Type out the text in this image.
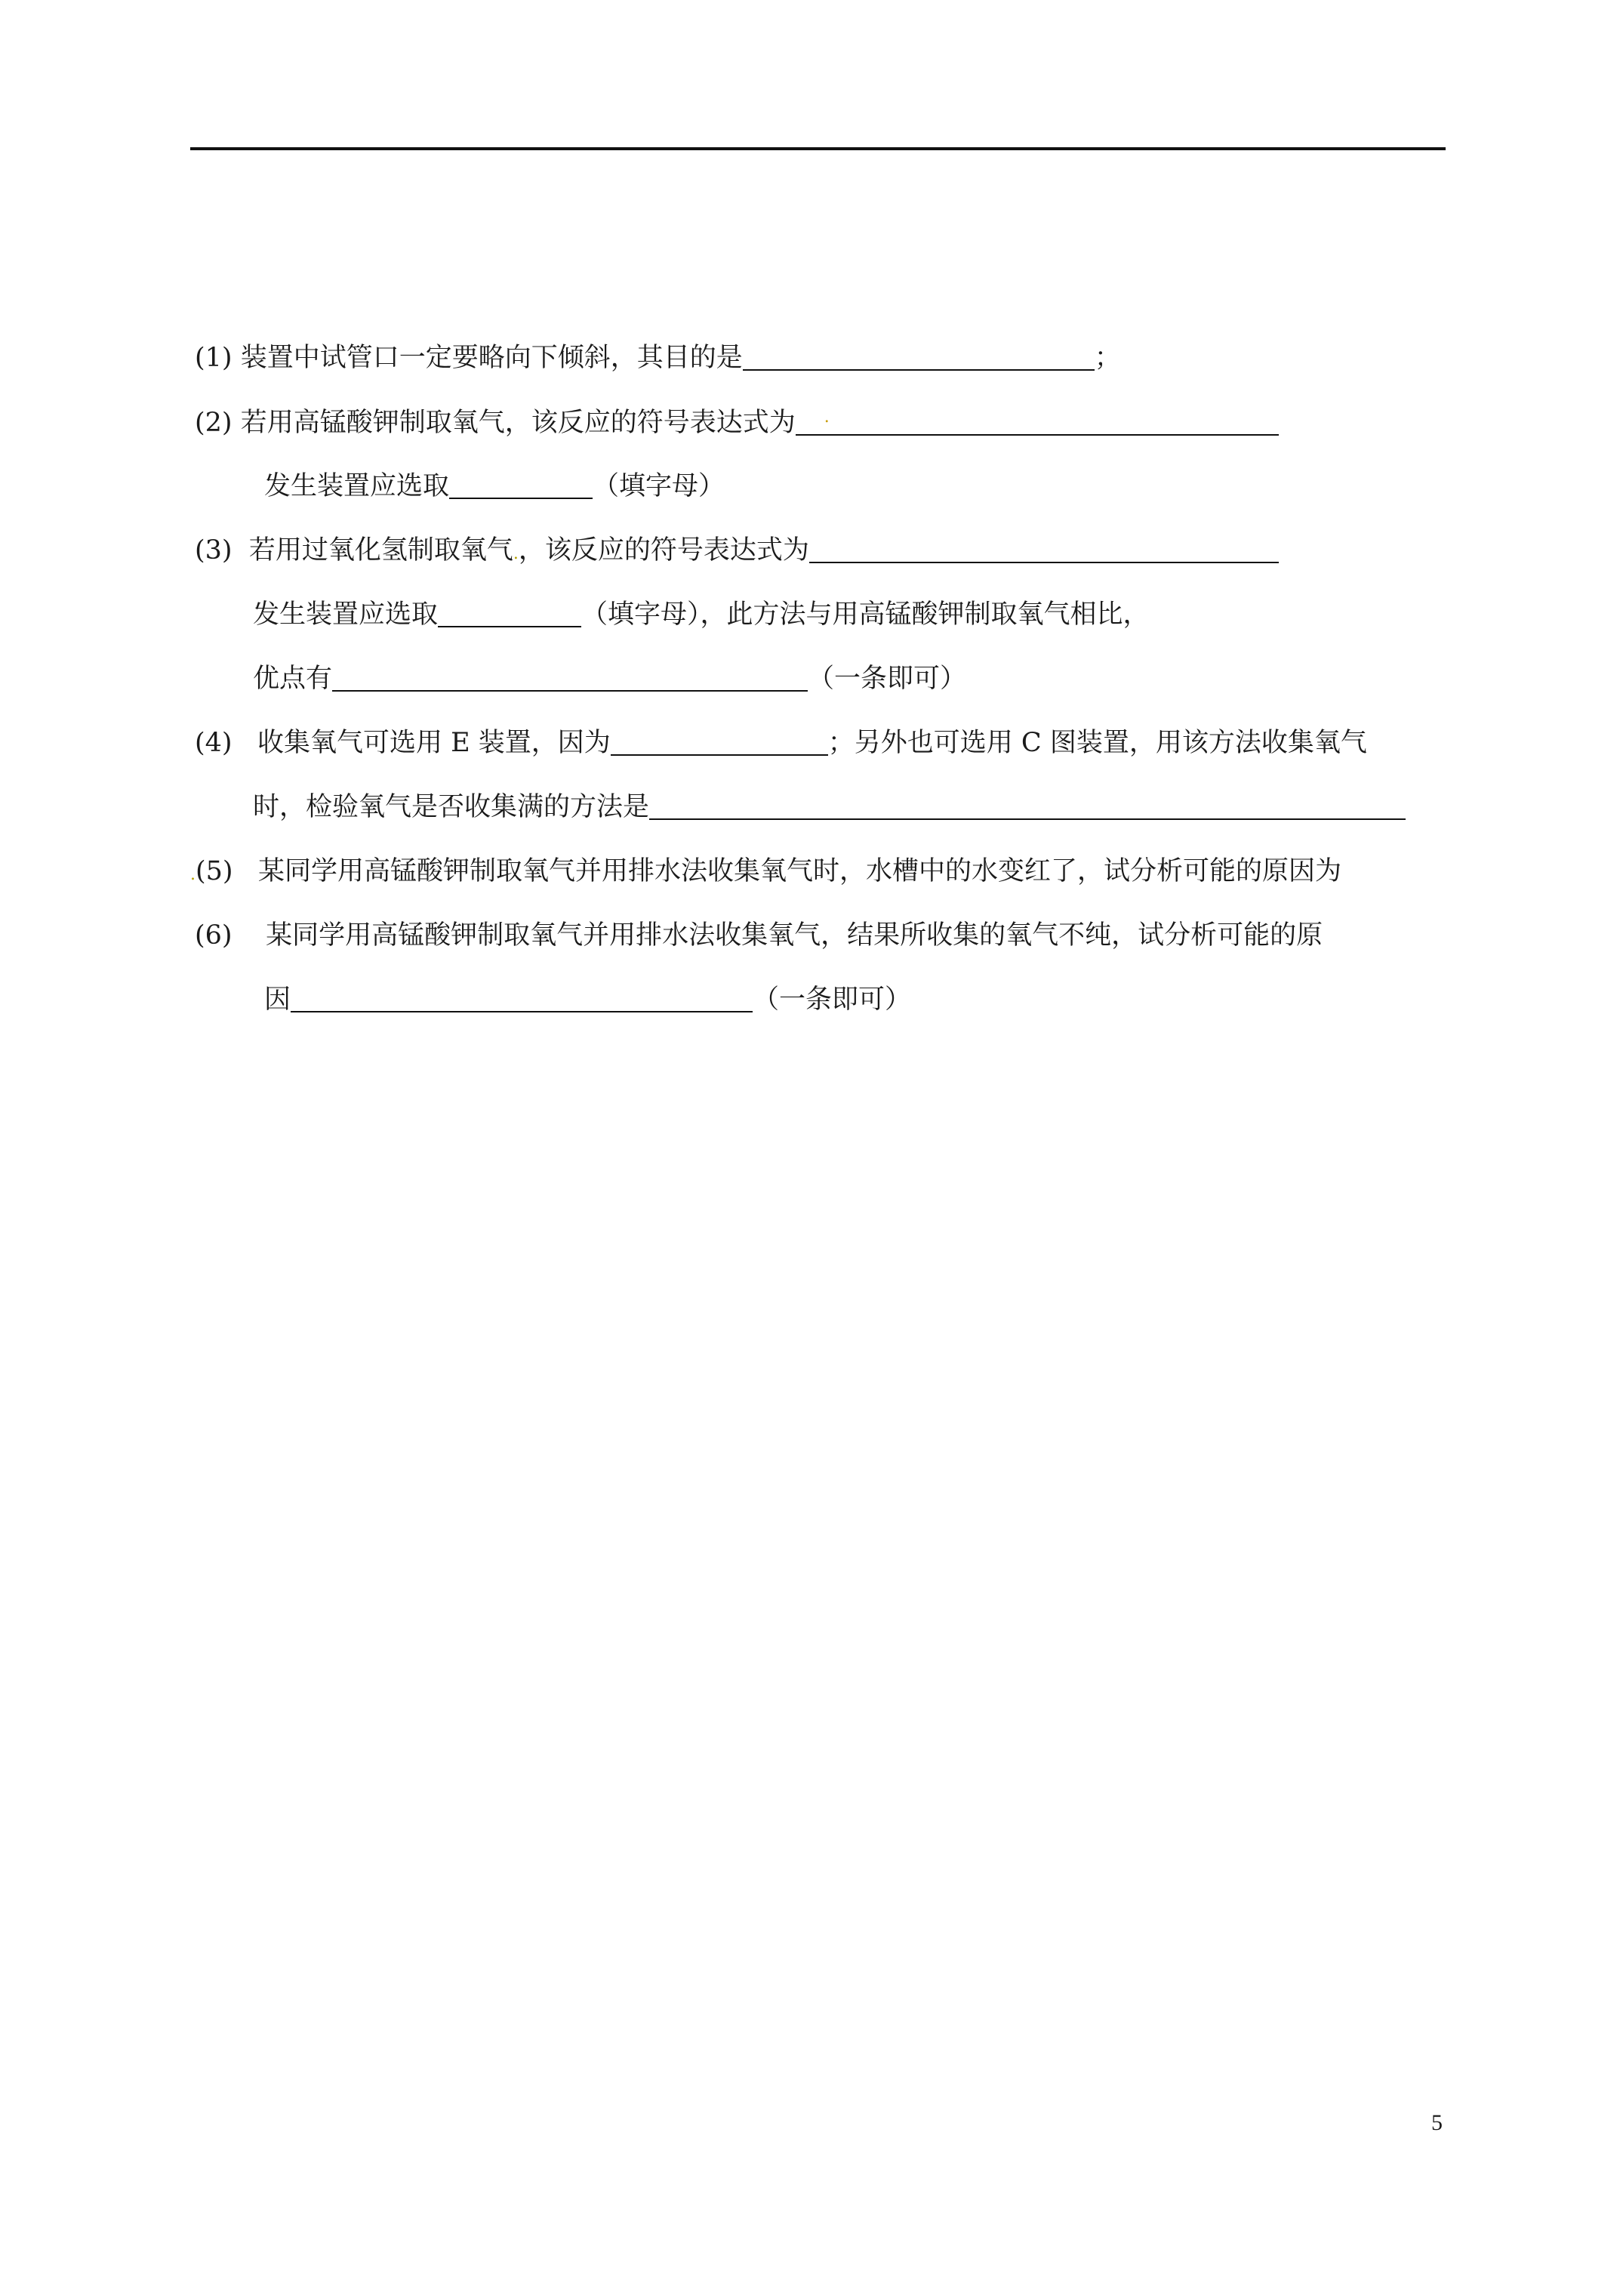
(1) 装置中试管口一定要略向下倾斜，其目的是	；
(2) 若用高锰酸钾制取氧气，该反应的符号表达式为 .
发生装置应选取	（填字母）
(3) 若用过氧化氢制取氧气.，该反应的符号表达式为
发生装置应选取	（填字母），此方法与用高锰酸钾制取氧气相比，
优点有	（一条即可）
(4) 收集氧气可选用 E 装置，因为	；另外也可选用 C 图装置，用该方法收集氧气
时，检验氧气是否收集满的方法是
.(5) 某同学用高锰酸钾制取氧气并用排水法收集氧气时，水槽中的水变红了，试分析可能的原因为
(6) 某同学用高锰酸钾制取氧气并用排水法收集氧气，结果所收集的氧气不纯，试分析可能的原
因	（一条即可）
5
